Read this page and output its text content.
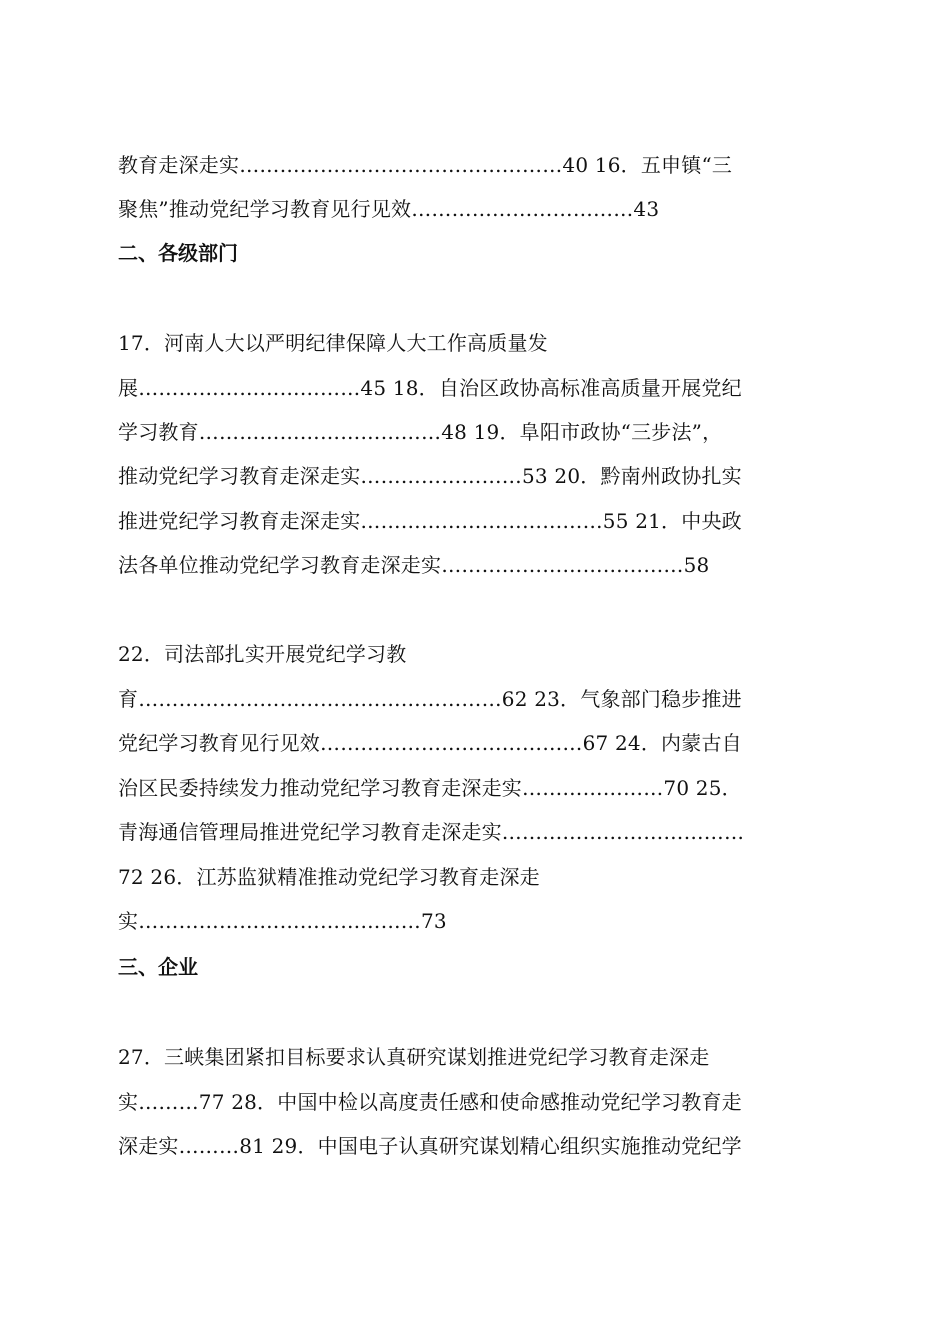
教育走深走实…………………………………………40 16．五申镇“三
聚焦”推动党纪学习教育见行见效……………………………43
二、各级部门
17．河南人大以严明纪律保障人大工作高质量发
展……………………………45 18．自治区政协高标准高质量开展党纪
学习教育………………………………48 19．阜阳市政协“三步法”，
推动党纪学习教育走深走实……………………53 20．黔南州政协扎实
推进党纪学习教育走深走实………………………………55 21．中央政
法各单位推动党纪学习教育走深走实………………………………58
22．司法部扎实开展党纪学习教
育………………………………………………62 23．气象部门稳步推进
党纪学习教育见行见效…………………………………67 24．内蒙古自
治区民委持续发力推动党纪学习教育走深走实…………………70 25．
青海通信管理局推进党纪学习教育走深走实………………………………
72 26．江苏监狱精准推动党纪学习教育走深走
实……………………………………73
三、企业
27．三峡集团紧扣目标要求认真研究谋划推进党纪学习教育走深走
实………77 28．中国中检以高度责任感和使命感推动党纪学习教育走
深走实………81 29．中国电子认真研究谋划精心组织实施推动党纪学
